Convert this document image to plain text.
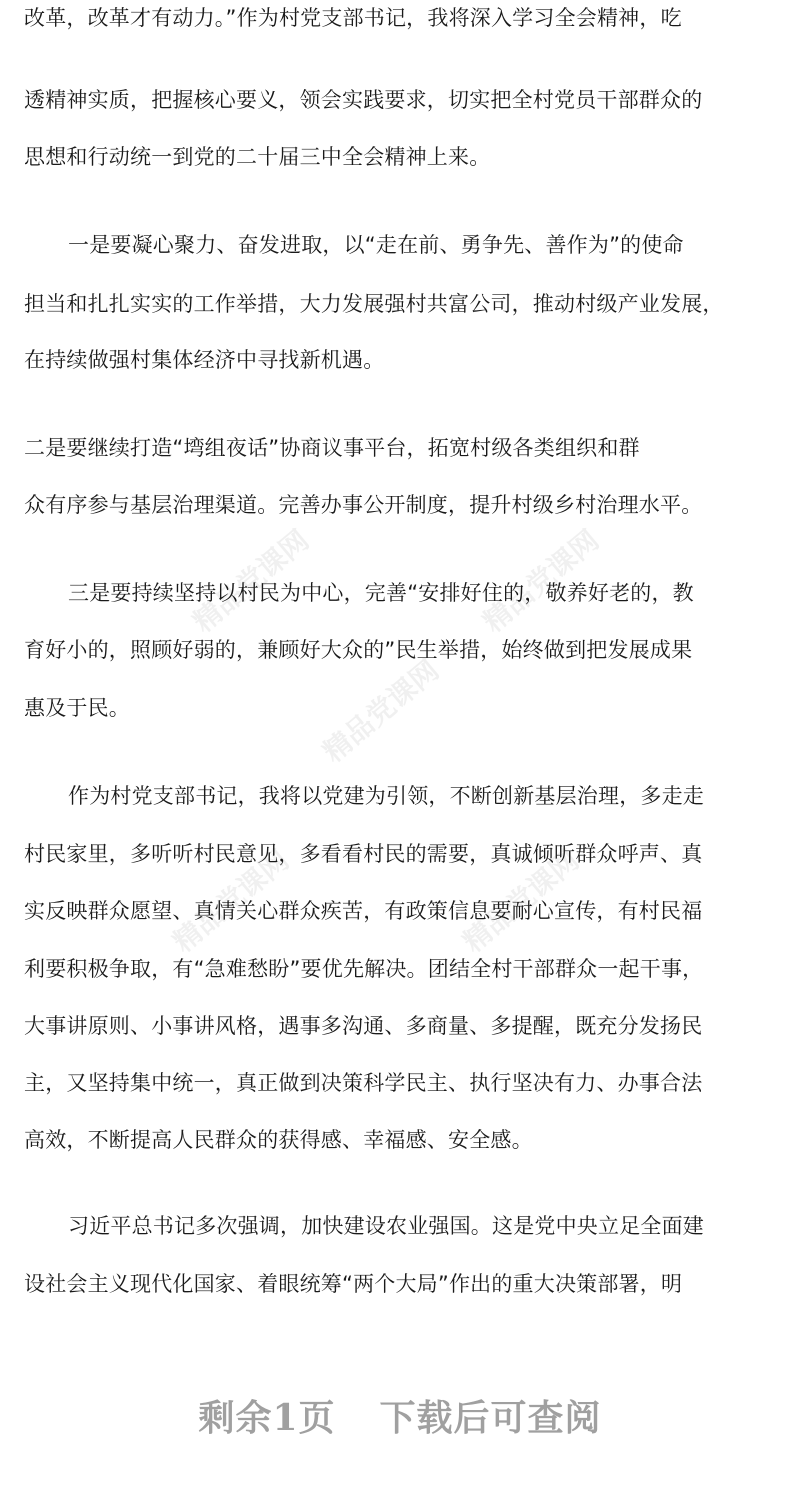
精品党课网	精品党课网
精品党课网
精品党课网	精品党课网
改革，改革才有动力。”作为村党支部书记，我将深入学习全会精神，吃
透精神实质，把握核心要义，领会实践要求，切实把全村党员干部群众的
思想和行动统一到党的二十届三中全会精神上来。
一是要凝心聚力、奋发进取，以“走在前、勇争先、善作为”的使命
担当和扎扎实实的工作举措，大力发展强村共富公司，推动村级产业发展，
在持续做强村集体经济中寻找新机遇。
二是要继续打造“塆组夜话”协商议事平台，拓宽村级各类组织和群
众有序参与基层治理渠道。完善办事公开制度，提升村级乡村治理水平。
三是要持续坚持以村民为中心，完善“安排好住的，敬养好老的，教
育好小的，照顾好弱的，兼顾好大众的”民生举措，始终做到把发展成果
惠及于民。
作为村党支部书记，我将以党建为引领，不断创新基层治理，多走走
村民家里，多听听村民意见，多看看村民的需要，真诚倾听群众呼声、真
实反映群众愿望、真情关心群众疾苦，有政策信息要耐心宣传，有村民福
利要积极争取，有“急难愁盼”要优先解决。团结全村干部群众一起干事，
大事讲原则、小事讲风格，遇事多沟通、多商量、多提醒，既充分发扬民
主，又坚持集中统一，真正做到决策科学民主、执行坚决有力、办事合法
高效，不断提高人民群众的获得感、幸福感、安全感。
习近平总书记多次强调，加快建设农业强国。这是党中央立足全面建
设社会主义现代化国家、着眼统筹“两个大局”作出的重大决策部署，明
剩余1页 下载后可查阅
